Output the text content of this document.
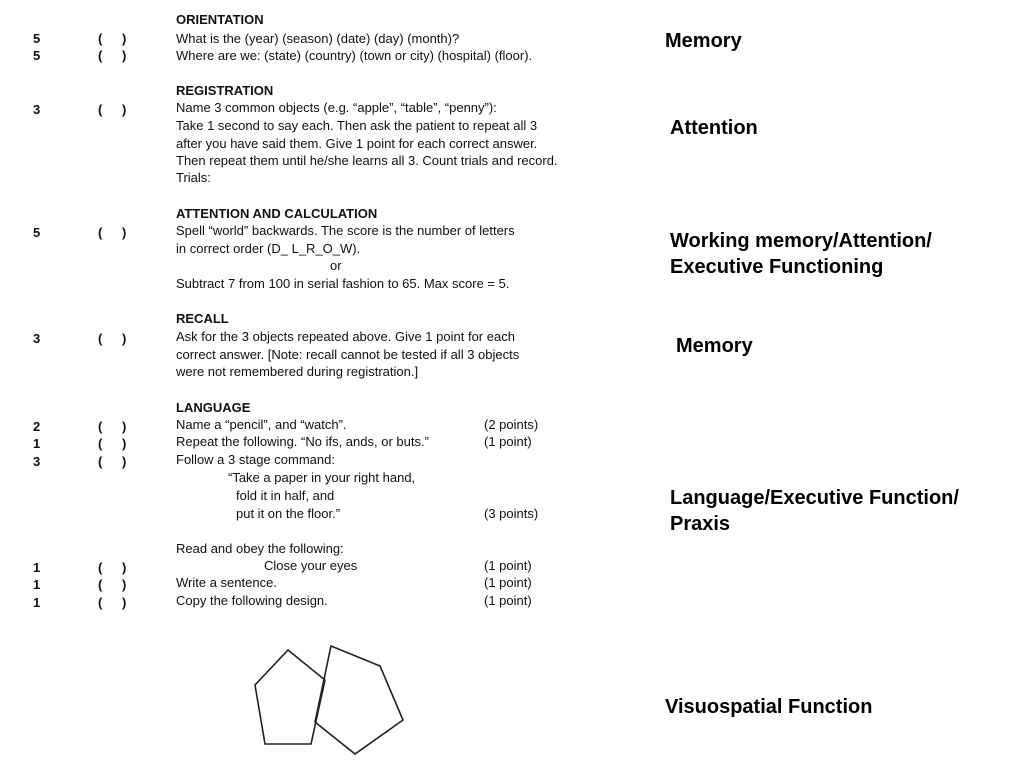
ORIENTATION
5	( )	What is the (year) (season) (date) (day) (month)?
5	( )	Where are we: (state) (country) (town or city) (hospital) (floor).
REGISTRATION
3	( )	Name 3 common objects (e.g. “apple”, “table”, “penny”):
Take 1 second to say each. Then ask the patient to repeat all 3
after you have said them. Give 1 point for each correct answer.
Then repeat them until he/she learns all 3. Count trials and record.
Trials:
ATTENTION AND CALCULATION
5	( )	Spell “world” backwards. The score is the number of letters
in correct order (D_ L_R_O_W).
or
Subtract 7 from 100 in serial fashion to 65. Max score = 5.
RECALL
3	( )	Ask for the 3 objects repeated above. Give 1 point for each
correct answer. [Note: recall cannot be tested if all 3 objects
were not remembered during registration.]
LANGUAGE
2	( )	Name a “pencil”, and “watch”.	(2 points)
1	( )	Repeat the following. “No ifs, ands, or buts.”	(1 point)
3	( )	Follow a 3 stage command:
“Take a paper in your right hand,
fold it in half, and
put it on the floor.”	(3 points)
Read and obey the following:
1	( )	Close your eyes	(1 point)
1	( )	Write a sentence.	(1 point)
1	( )	Copy the following design.	(1 point)
Memory
Attention
Working memory/Attention/
Executive Functioning
Memory
Language/Executive Function/
Praxis
Visuospatial Function
